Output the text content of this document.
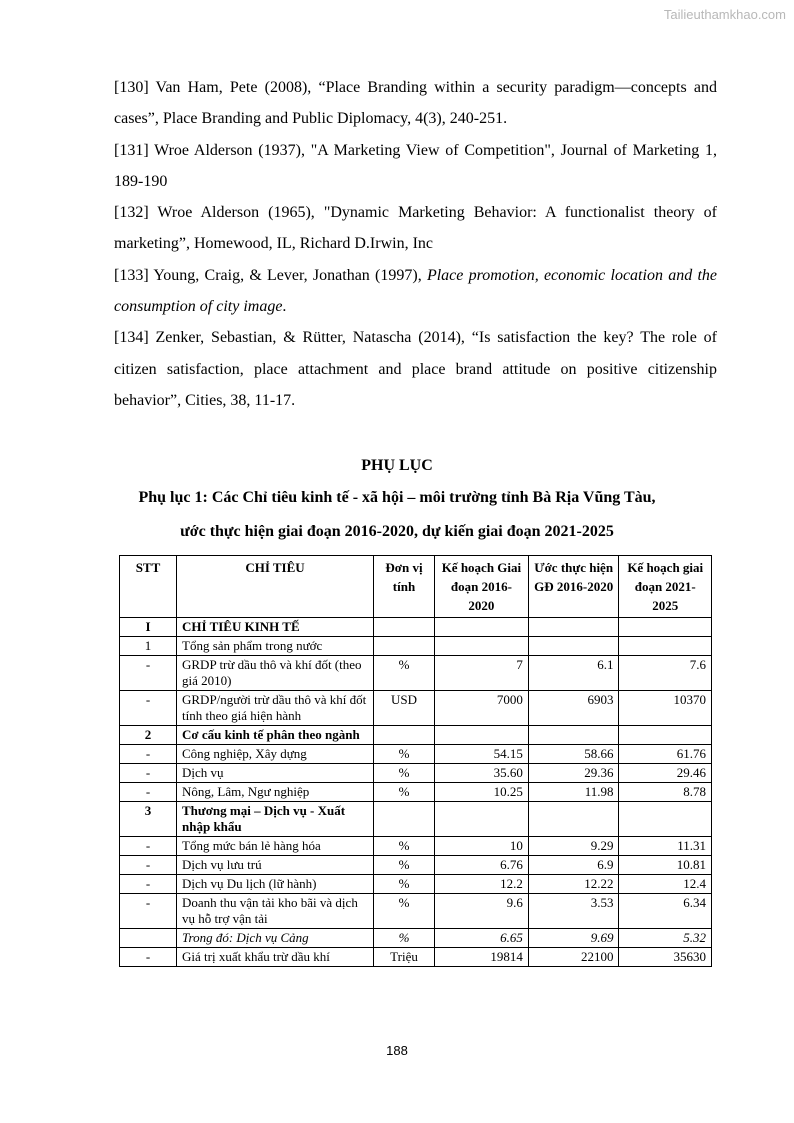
Tailieuthamkhao.com

[130] Van Ham, Pete (2008), “Place Branding within a security paradigm—concepts and cases”, Place Branding and Public Diplomacy, 4(3), 240-251.

[131] Wroe Alderson (1937), "A Marketing View of Competition", Journal of Marketing 1, 189-190

[132] Wroe Alderson (1965), "Dynamic Marketing Behavior: A functionalist theory of marketing”, Homewood, IL, Richard D.Irwin, Inc

[133] Young, Craig, & Lever, Jonathan (1997), Place promotion, economic location and the consumption of city image.

[134] Zenker, Sebastian, & Rütter, Natascha (2014), “Is satisfaction the key? The role of citizen satisfaction, place attachment and place brand attitude on positive citizenship behavior”, Cities, 38, 11-17.

PHỤ LỤC
Phụ lục 1: Các Chỉ tiêu kinh tế - xã hội – môi trường tỉnh Bà Rịa Vũng Tàu,
ước thực hiện giai đoạn 2016-2020, dự kiến giai đoạn 2021-2025
STT	CHỈ TIÊU	Đơn vị tính	Kế hoạch Giai đoạn 2016-2020	Ước thực hiện GĐ 2016-2020	Kế hoạch giai đoạn 2021-2025
I	CHỈ TIÊU KINH TẾ				
1	Tổng sản phẩm trong nước				
-	GRDP trừ dầu thô và khí đốt (theo giá 2010)	%	7	6.1	7.6
-	GRDP/người trừ dầu thô và khí đốt tính theo giá hiện hành	USD	7000	6903	10370
2	Cơ cấu kinh tế phân theo ngành				
-	Công nghiệp, Xây dựng	%	54.15	58.66	61.76
-	Dịch vụ	%	35.60	29.36	29.46
-	Nông, Lâm, Ngư nghiệp	%	10.25	11.98	8.78
3	Thương mại – Dịch vụ - Xuất nhập khẩu				
-	Tổng mức bán lẻ hàng hóa	%	10	9.29	11.31
-	Dịch vụ lưu trú	%	6.76	6.9	10.81
-	Dịch vụ Du lịch (lữ hành)	%	12.2	12.22	12.4
-	Doanh thu vận tải kho bãi và dịch vụ hỗ trợ vận tải	%	9.6	3.53	6.34
	Trong đó: Dịch vụ Cảng	%	6.65	9.69	5.32
-	Giá trị xuất khẩu trừ dầu khí	Triệu	19814	22100	35630
188
